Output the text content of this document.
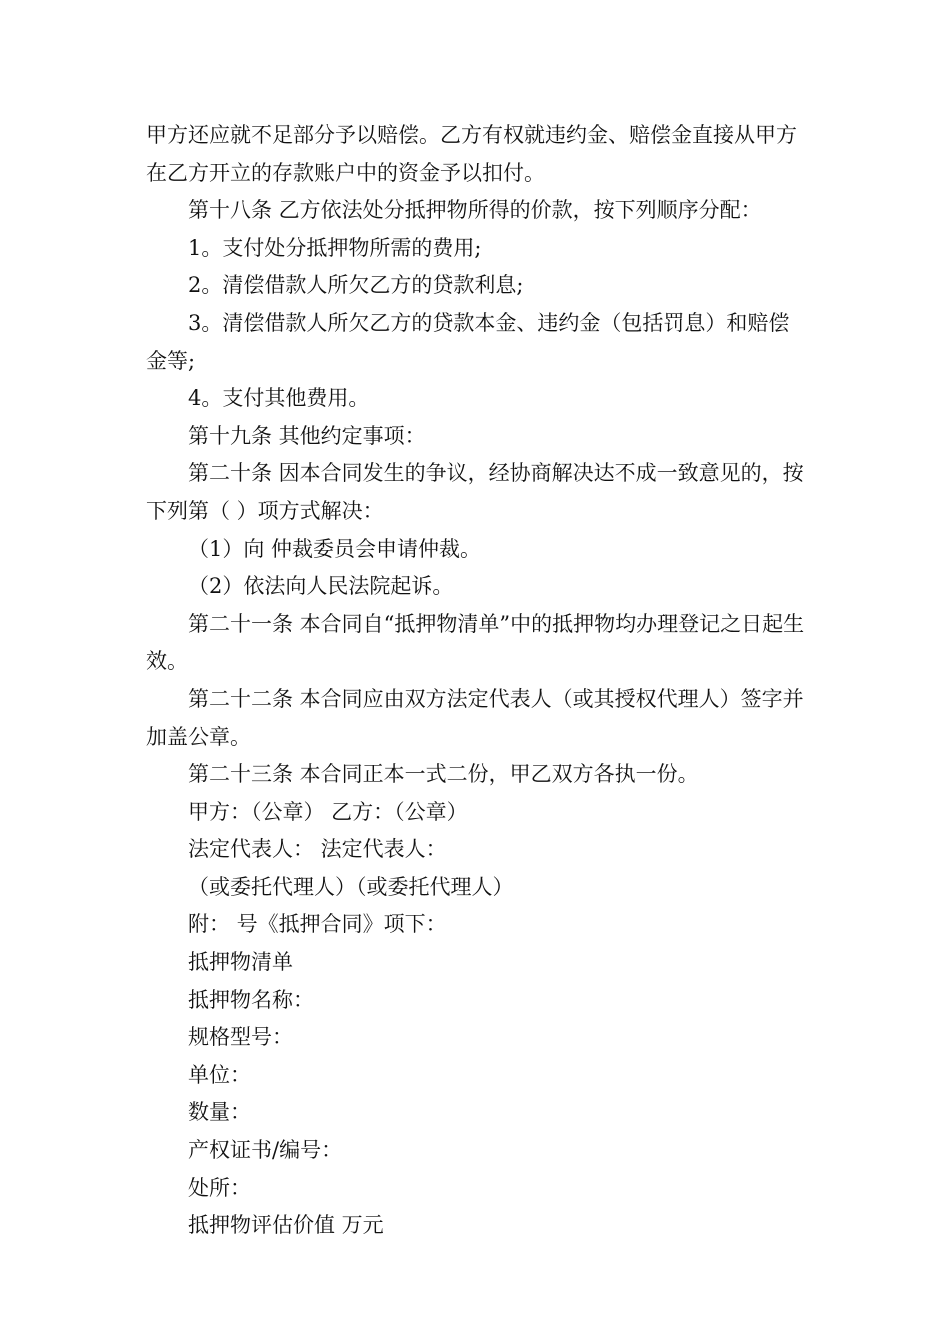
甲方还应就不足部分予以赔偿。乙方有权就违约金、赔偿金直接从甲方在乙方开立的存款账户中的资金予以扣付。

第十八条 乙方依法处分抵押物所得的价款，按下列顺序分配：

1。支付处分抵押物所需的费用;

2。清偿借款人所欠乙方的贷款利息;

3。清偿借款人所欠乙方的贷款本金、违约金（包括罚息）和赔偿金等;

4。支付其他费用。

第十九条 其他约定事项：

第二十条 因本合同发生的争议，经协商解决达不成一致意见的，按下列第（ ）项方式解决：

（1）向 仲裁委员会申请仲裁。

（2）依法向人民法院起诉。

第二十一条 本合同自“抵押物清单”中的抵押物均办理登记之日起生效。

第二十二条 本合同应由双方法定代表人（或其授权代理人）签字并加盖公章。

第二十三条 本合同正本一式二份，甲乙双方各执一份。

甲方：（公章） 乙方：（公章）

法定代表人： 法定代表人：

（或委托代理人）（或委托代理人）

附： 号《抵押合同》项下：

抵押物清单

抵押物名称：

规格型号：

单位：

数量：

产权证书/编号：

处所：

抵押物评估价值 万元
